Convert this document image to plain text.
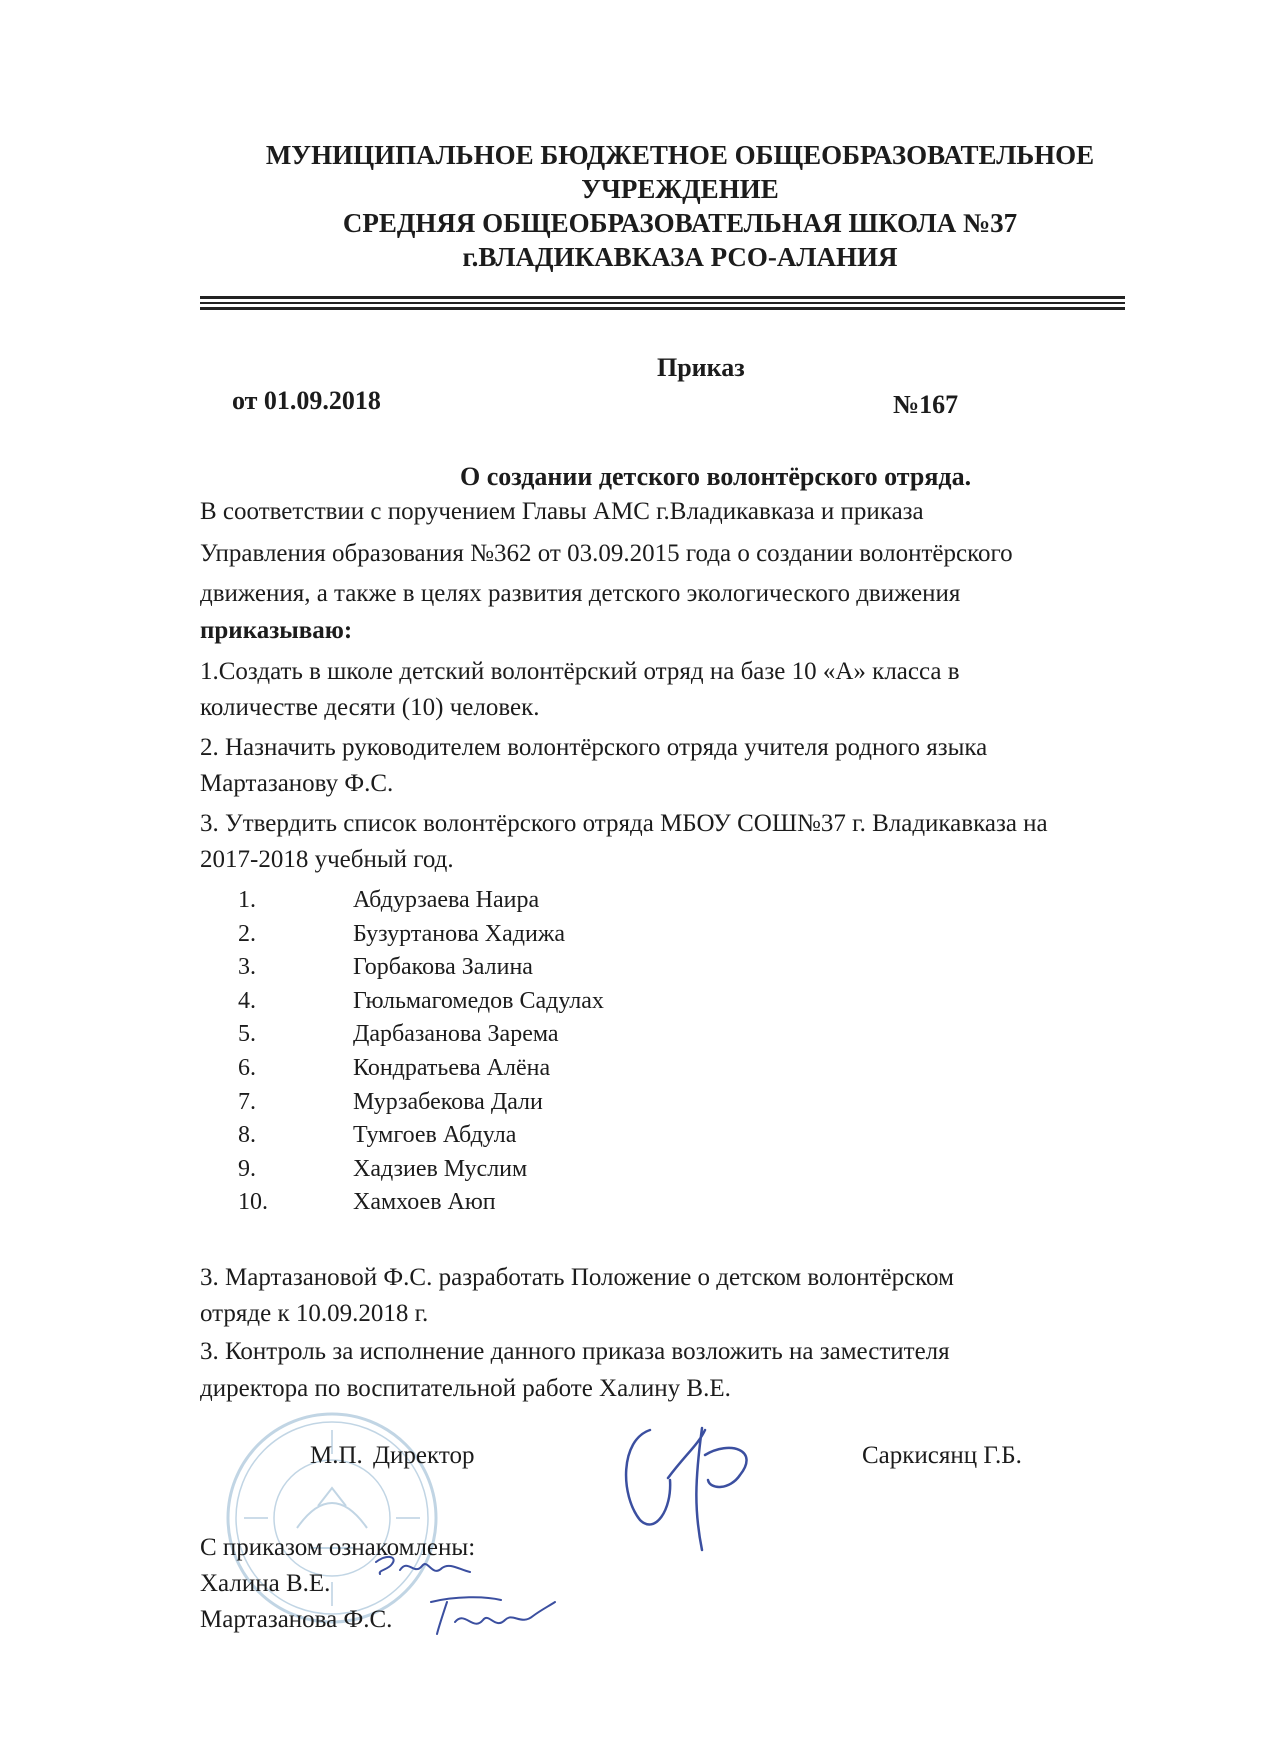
МУНИЦИПАЛЬНОЕ БЮДЖЕТНОЕ ОБЩЕОБРАЗОВАТЕЛЬНОЕ
УЧРЕЖДЕНИЕ
СРЕДНЯЯ ОБЩЕОБРАЗОВАТЕЛЬНАЯ ШКОЛА №37
г.ВЛАДИКАВКАЗА РСО-АЛАНИЯ
Приказ
от 01.09.2018	№167
О создании детского волонтёрского отряда.
В соответствии с поручением Главы АМС г.Владикавказа и приказа
Управления образования №362 от 03.09.2015 года о создании волонтёрского
движения, а также в целях развития детского экологического движения
приказываю:
1.Создать в школе детский волонтёрский отряд на базе 10 «А» класса в
количестве десяти (10) человек.
2. Назначить руководителем волонтёрского отряда учителя родного языка
Мартазанову Ф.С.
3. Утвердить список волонтёрского отряда МБОУ СОШ№37 г. Владикавказа на
2017-2018 учебный год.
1.	Абдурзаева Наира
2.	Бузуртанова Хадижа
3.	Горбакова Залина
4.	Гюльмагомедов Садулах
5.	Дарбазанова Зарема
6.	Кондратьева Алёна
7.	Мурзабекова Дали
8.	Тумгоев Абдула
9.	Хадзиев Муслим
10.	Хамхоев Аюп
3. Мартазановой Ф.С. разработать Положение о детском волонтёрском
отряде к 10.09.2018 г.
3. Контроль за исполнение данного приказа возложить на заместителя
директора по воспитательной работе Халину В.Е.
М.П. Директор	Саркисянц Г.Б.
С приказом ознакомлены:
Халина В.Е.
Мартазанова Ф.С.
